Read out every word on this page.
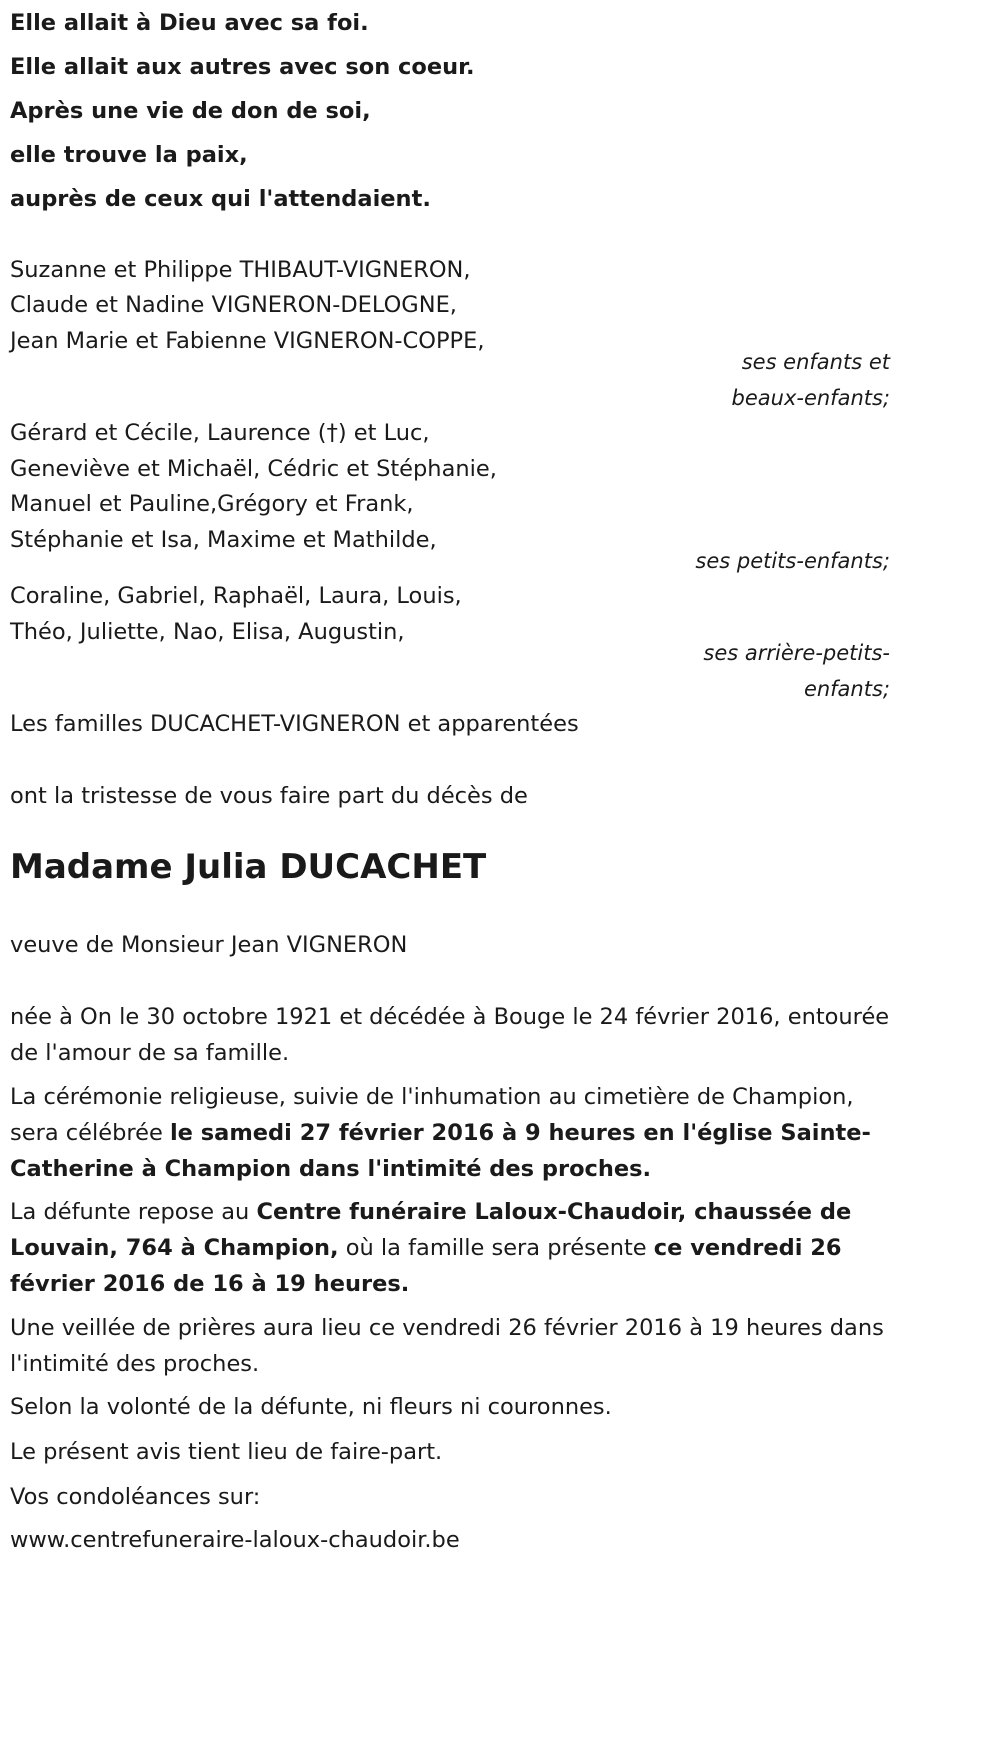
Elle allait à Dieu avec sa foi.
Elle allait aux autres avec son coeur.
Après une vie de don de soi,
elle trouve la paix,
auprès de ceux qui l'attendaient.
Suzanne et Philippe THIBAUT-VIGNERON,
Claude et Nadine VIGNERON-DELOGNE,
Jean Marie et Fabienne VIGNERON-COPPE,
ses enfants et
beaux-enfants;
Gérard et Cécile, Laurence (†) et Luc,
Geneviève et Michaël, Cédric et Stéphanie,
Manuel et Pauline,Grégory et Frank,
Stéphanie et Isa, Maxime et Mathilde,
ses petits-enfants;
Coraline, Gabriel, Raphaël, Laura, Louis,
Théo, Juliette, Nao, Elisa, Augustin,
ses arrière-petits-
enfants;
Les familles DUCACHET-VIGNERON et apparentées
ont la tristesse de vous faire part du décès de
Madame Julia DUCACHET
veuve de Monsieur Jean VIGNERON
née à On le 30 octobre 1921 et décédée à Bouge le 24 février 2016, entourée de l'amour de sa famille.
La cérémonie religieuse, suivie de l'inhumation au cimetière de Champion, sera célébrée le samedi 27 février 2016 à 9 heures en l'église Sainte-Catherine à Champion dans l'intimité des proches.
La défunte repose au Centre funéraire Laloux-Chaudoir, chaussée de Louvain, 764 à Champion, où la famille sera présente ce vendredi 26 février 2016 de 16 à 19 heures.
Une veillée de prières aura lieu ce vendredi 26 février 2016 à 19 heures dans l'intimité des proches.
Selon la volonté de la défunte, ni fleurs ni couronnes.
Le présent avis tient lieu de faire-part.
Vos condoléances sur:
www.centrefuneraire-laloux-chaudoir.be
